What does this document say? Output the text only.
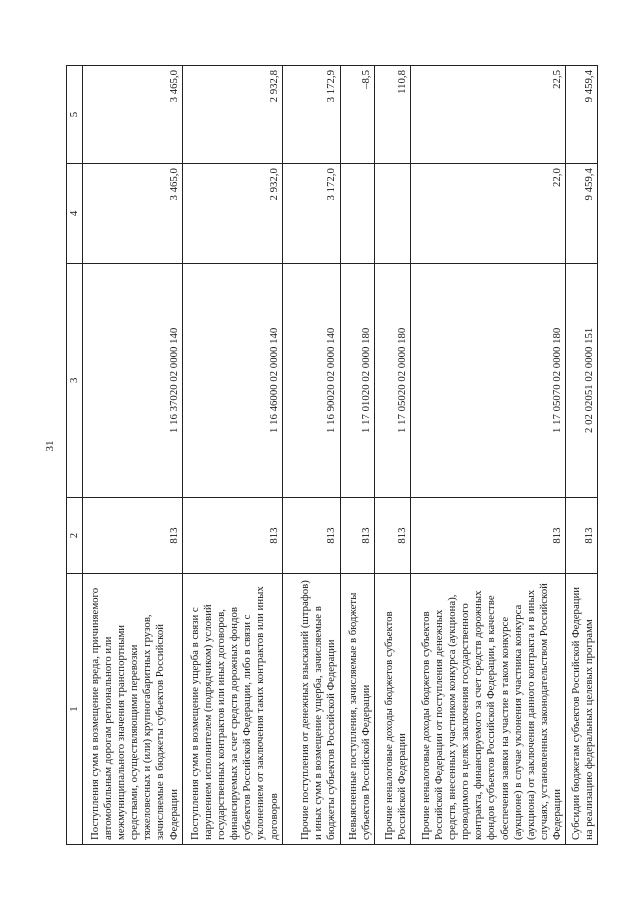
31
1	2	3	4	5
Поступления сумм в возмещение вреда, причиняемого автомобильным дорогам регионального или межмуниципального значения транспортными средствами, осуществляющими перевозки тяжеловесных и (или) крупногабаритных грузов, зачисляемые в бюджеты субъектов Российской Федерации	813	1 16 37020 02 0000 140	3 465,0	3 465,0
Поступления сумм в возмещение ущерба в связи с нарушением исполнителем (подрядчиком) условий государственных контрактов или иных договоров, финансируемых за счет средств дорожных фондов субъектов Российской Федерации, либо в связи с уклонением от заключения таких контрактов или иных договоров	813	1 16 46000 02 0000 140	2 932,0	2 932,8
Прочие поступления от денежных взысканий (штрафов) и иных сумм в возмещение ущерба, зачисляемые в бюджеты субъектов Российской Федерации	813	1 16 90020 02 0000 140	3 172,0	3 172,9
Невыясненные поступления, зачисляемые в бюджеты субъектов Российской Федерации	813	1 17 01020 02 0000 180		–8,5
Прочие неналоговые доходы бюджетов субъектов Российской Федерации	813	1 17 05020 02 0000 180		110,8
Прочие неналоговые доходы бюджетов субъектов Российской Федерации от поступления денежных средств, внесенных участником конкурса (аукциона), проводимого в целях заключения государственного контракта, финансируемого за счет средств дорожных фондов субъектов Российской Федерации, в качестве обеспечения заявки на участие в таком конкурсе (аукционе) в случае уклонения участника конкурса (аукциона) от заключения данного контракта и в иных случаях, установленных законодательством Российской Федерации	813	1 17 05070 02 0000 180	22,0	22,5
Субсидии бюджетам субъектов Российской Федерации на реализацию федеральных целевых программ	813	2 02 02051 02 0000 151	9 459,4	9 459,4
